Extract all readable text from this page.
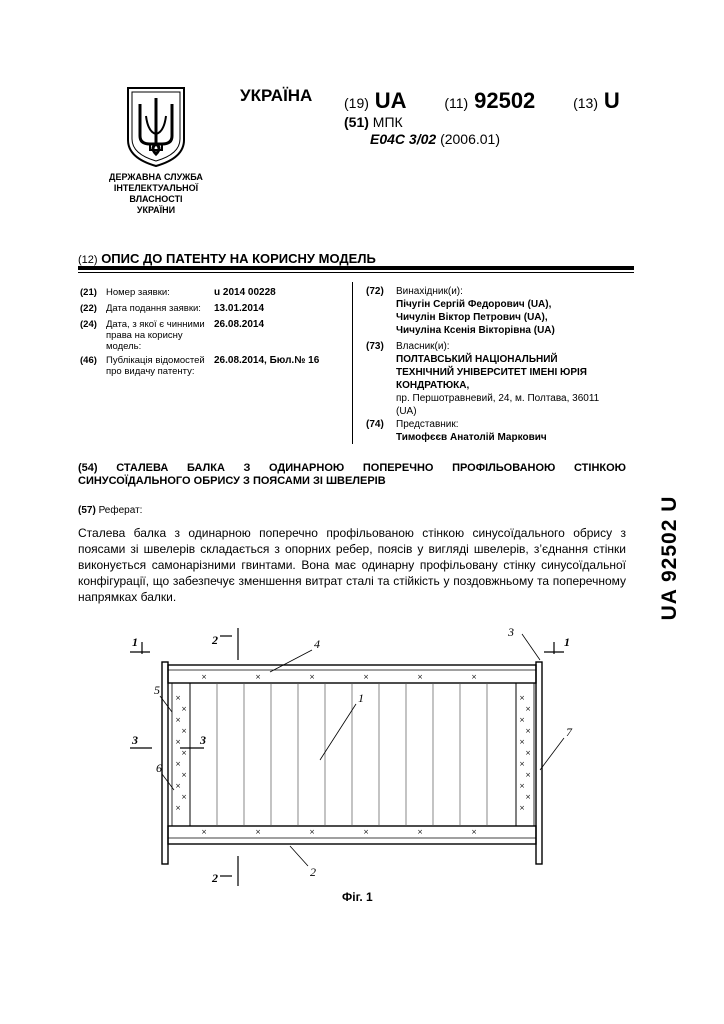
ДЕРЖАВНА СЛУЖБА
ІНТЕЛЕКТУАЛЬНОЇ
ВЛАСНОСТІ
УКРАЇНИ
УКРАЇНА (19) UA	(11) 92502	(13) U
(51) МПК
E04C 3/02 (2006.01)
(12) ОПИС ДО ПАТЕНТУ НА КОРИСНУ МОДЕЛЬ
(21) Номер заявки:	u 2014 00228
(22) Дата подання заявки:	13.01.2014
(24) Дата, з якої є чинними права на корисну модель:
26.08.2014
(46) Публікація відомостей про видачу патенту:
26.08.2014, Бюл.№ 16
(72) Винахідник(и):
Пічугін Сергій Федорович (UA),
Чичулін Віктор Петрович (UA),
Чичуліна Ксенія Вікторівна (UA)
(73) Власник(и):
ПОЛТАВСЬКИЙ НАЦІОНАЛЬНИЙ
ТЕХНІЧНИЙ УНІВЕРСИТЕТ ІМЕНІ ЮРІЯ
КОНДРАТЮКА,
пр. Першотравневий, 24, м. Полтава, 36011
(UA)
(74) Представник:
Тимофєєв Анатолій Маркович
(54) СТАЛЕВА БАЛКА З ОДИНАРНОЮ ПОПЕРЕЧНО ПРОФІЛЬОВАНОЮ СТІНКОЮ
СИНУСОЇДАЛЬНОГО ОБРИСУ З ПОЯСАМИ ЗІ ШВЕЛЕРІВ
(57) Реферат:
Сталева балка з одинарною поперечно профільованою стінкою синусоїдального обрису з поясами зі швелерів складається з опорних ребер, поясів у вигляді швелерів, з’єднання стінки виконується самонарізними гвинтами. Вона має одинарну профільовану стінку синусоїдальної конфігурації, що забезпечує зменшення витрат сталі та стійкість у поздовжньому та поперечному напрямках балки.	UA 92502 U
×	×	×	×	×	×
×	×	×	×	×	×
×
×
×
×
×
×
×
×
×
×
×
×
×
×
×
×
×
×
×
×
×
×
1	1
2
2
3	3
1
2
3
4
5
6
7
Фіг. 1
